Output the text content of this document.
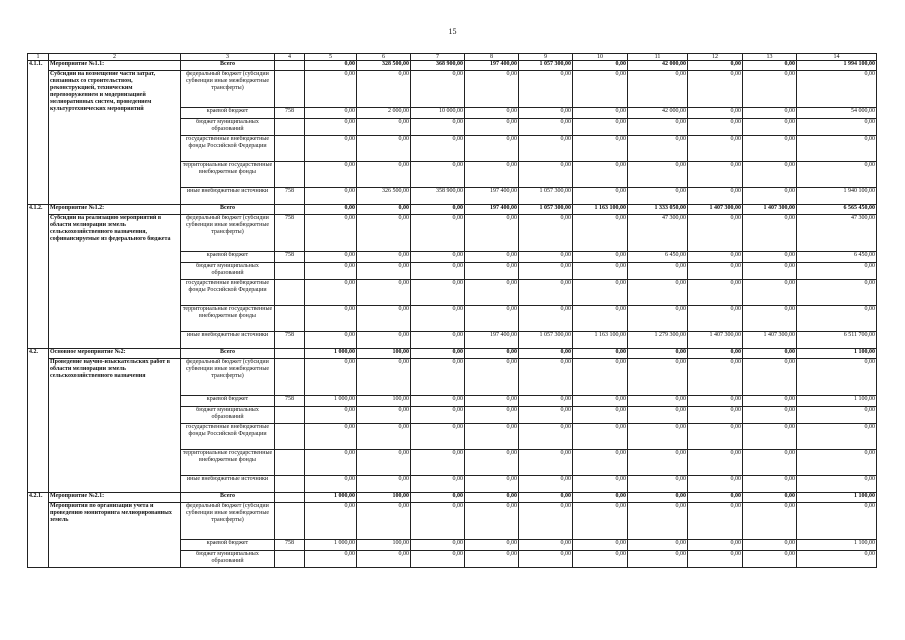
15
1	2	3	4	5	6	7	8	9	10	11	12	13	14
4.1.1.	Мероприятие №1.1:
Субсидии на возмещение части затрат, связанных со строительством, реконструкцией, техническим перевооружением и модернизацией мелиоративных систем, проведением культуртехнических мероприятий	Всего		0,00	328 500,00	368 900,00	197 400,00	1 057 300,00	0,00	42 000,00	0,00	0,00	1 994 100,00
		федеральный бюджет (субсидии субвенции иные межбюджетные трансферты)		0,00	0,00	0,00	0,00	0,00	0,00	0,00	0,00	0,00	0,00
		краевой бюджет	758	0,00	2 000,00	10 000,00	0,00	0,00	0,00	42 000,00	0,00	0,00	54 000,00
		бюджет муниципальных образований		0,00	0,00	0,00	0,00	0,00	0,00	0,00	0,00	0,00	0,00
		государственные внебюджетные фонды Российской Федерации		0,00	0,00	0,00	0,00	0,00	0,00	0,00	0,00	0,00	0,00
		территориальные государственные внебюджетные фонды		0,00	0,00	0,00	0,00	0,00	0,00	0,00	0,00	0,00	0,00
		иные внебюджетные источники	758	0,00	326 500,00	358 900,00	197 400,00	1 057 300,00	0,00	0,00	0,00	0,00	1 940 100,00
4.1.2.	Мероприятие №1.2:
Субсидии на реализацию мероприятий в области мелиорации земель сельскохозяйственного назначения, софинансируемые из федерального бюджета	Всего		0,00	0,00	0,00	197 400,00	1 057 300,00	1 163 100,00	1 333 050,00	1 407 300,00	1 407 300,00	6 565 450,00
		федеральный бюджет (субсидии субвенции иные межбюджетные трансферты)	758	0,00	0,00	0,00	0,00	0,00	0,00	47 300,00	0,00	0,00	47 300,00
		краевой бюджет	758	0,00	0,00	0,00	0,00	0,00	0,00	6 450,00	0,00	0,00	6 450,00
		бюджет муниципальных образований		0,00	0,00	0,00	0,00	0,00	0,00	0,00	0,00	0,00	0,00
		государственные внебюджетные фонды Российской Федерации		0,00	0,00	0,00	0,00	0,00	0,00	0,00	0,00	0,00	0,00
		территориальные государственные внебюджетные фонды		0,00	0,00	0,00	0,00	0,00	0,00	0,00	0,00	0,00	0,00
		иные внебюджетные источники	758	0,00	0,00	0,00	197 400,00	1 057 300,00	1 163 100,00	1 279 300,00	1 407 300,00	1 407 300,00	6 511 700,00
4.2.	Основное мероприятие №2:
Проведение научно-изыскательских работ в области мелиорации земель сельскохозяйственного назначения	Всего		1 000,00	100,00	0,00	0,00	0,00	0,00	0,00	0,00	0,00	1 100,00
		федеральный бюджет (субсидии субвенции иные межбюджетные трансферты)		0,00	0,00	0,00	0,00	0,00	0,00	0,00	0,00	0,00	0,00
		краевой бюджет	758	1 000,00	100,00	0,00	0,00	0,00	0,00	0,00	0,00	0,00	1 100,00
		бюджет муниципальных образований		0,00	0,00	0,00	0,00	0,00	0,00	0,00	0,00	0,00	0,00
		государственные внебюджетные фонды Российской Федерации		0,00	0,00	0,00	0,00	0,00	0,00	0,00	0,00	0,00	0,00
		территориальные государственные внебюджетные фонды		0,00	0,00	0,00	0,00	0,00	0,00	0,00	0,00	0,00	0,00
		иные внебюджетные источники		0,00	0,00	0,00	0,00	0,00	0,00	0,00	0,00	0,00	0,00
4.2.1.	Мероприятие №2.1:
Мероприятия по организации учета и проведению мониторинга мелиорированных земель	Всего		1 000,00	100,00	0,00	0,00	0,00	0,00	0,00	0,00	0,00	1 100,00
		федеральный бюджет (субсидии субвенции иные межбюджетные трансферты)		0,00	0,00	0,00	0,00	0,00	0,00	0,00	0,00	0,00	0,00
		краевой бюджет	758	1 000,00	100,00	0,00	0,00	0,00	0,00	0,00	0,00	0,00	1 100,00
		бюджет муниципальных образований		0,00	0,00	0,00	0,00	0,00	0,00	0,00	0,00	0,00	0,00
